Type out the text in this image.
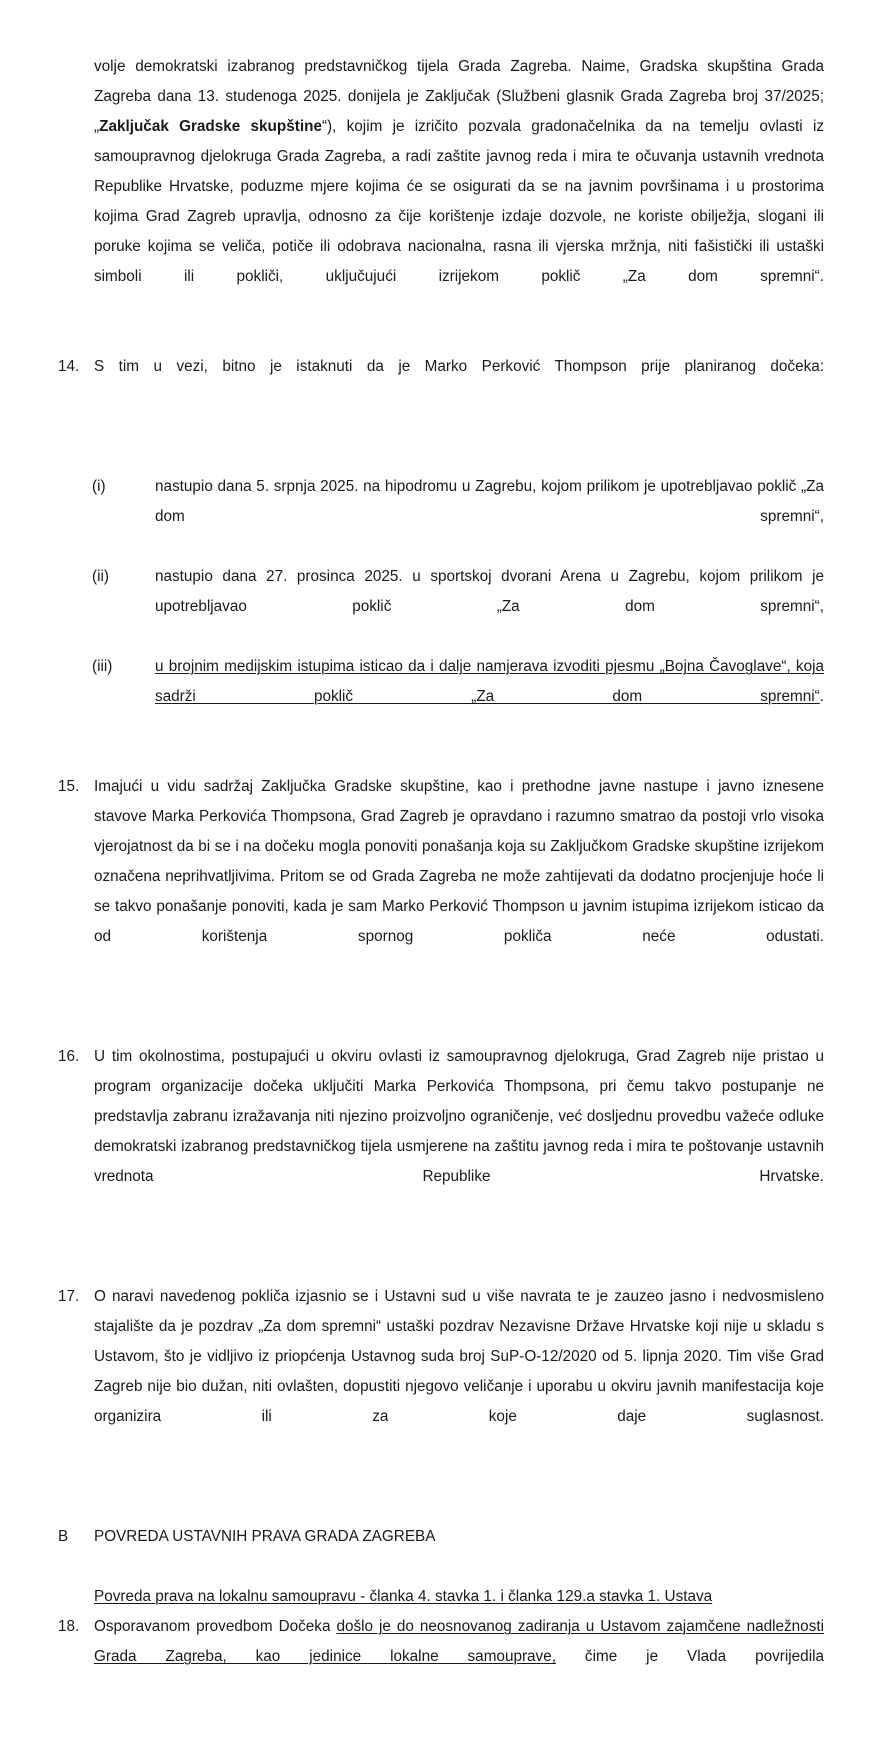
volje demokratski izabranog predstavničkog tijela Grada Zagreba. Naime, Gradska skupština Grada Zagreba dana 13. studenoga 2025. donijela je Zaključak (Službeni glasnik Grada Zagreba broj 37/2025; „Zaključak Gradske skupštine“), kojim je izričito pozvala gradonačelnika da na temelju ovlasti iz samoupravnog djelokruga Grada Zagreba, a radi zaštite javnog reda i mira te očuvanja ustavnih vrednota Republike Hrvatske, poduzme mjere kojima će se osigurati da se na javnim površinama i u prostorima kojima Grad Zagreb upravlja, odnosno za čije korištenje izdaje dozvole, ne koriste obilježja, slogani ili poruke kojima se veliča, potiče ili odobrava nacionalna, rasna ili vjerska mržnja, niti fašistički ili ustaški simboli ili pokliči, uključujući izrijekom poklič „Za dom spremni“.
14. S tim u vezi, bitno je istaknuti da je Marko Perković Thompson prije planiranog dočeka:
(i)	nastupio dana 5. srpnja 2025. na hipodromu u Zagrebu, kojom prilikom je upotrebljavao poklič „Za dom spremni“,
(ii)	nastupio dana 27. prosinca 2025. u sportskoj dvorani Arena u Zagrebu, kojom prilikom je upotrebljavao poklič „Za dom spremni“,
(iii)	u brojnim medijskim istupima isticao da i dalje namjerava izvoditi pjesmu „Bojna Čavoglave“, koja sadrži poklič „Za dom spremni“.
15. Imajući u vidu sadržaj Zaključka Gradske skupštine, kao i prethodne javne nastupe i javno iznesene stavove Marka Perkovića Thompsona, Grad Zagreb je opravdano i razumno smatrao da postoji vrlo visoka vjerojatnost da bi se i na dočeku mogla ponoviti ponašanja koja su Zaključkom Gradske skupštine izrijekom označena neprihvatljivima. Pritom se od Grada Zagreba ne može zahtijevati da dodatno procjenjuje hoće li se takvo ponašanje ponoviti, kada je sam Marko Perković Thompson u javnim istupima izrijekom isticao da od korištenja spornog pokliča neće odustati.
16. U tim okolnostima, postupajući u okviru ovlasti iz samoupravnog djelokruga, Grad Zagreb nije pristao u program organizacije dočeka uključiti Marka Perkovića Thompsona, pri čemu takvo postupanje ne predstavlja zabranu izražavanja niti njezino proizvoljno ograničenje, već dosljednu provedbu važeće odluke demokratski izabranog predstavničkog tijela usmjerene na zaštitu javnog reda i mira te poštovanje ustavnih vrednota Republike Hrvatske.
17. O naravi navedenog pokliča izjasnio se i Ustavni sud u više navrata te je zauzeo jasno i nedvosmisleno stajalište da je pozdrav „Za dom spremni“ ustaški pozdrav Nezavisne Države Hrvatske koji nije u skladu s Ustavom, što je vidljivo iz priopćenja Ustavnog suda broj SuP-O-12/2020 od 5. lipnja 2020. Tim više Grad Zagreb nije bio dužan, niti ovlašten, dopustiti njegovo veličanje i uporabu u okviru javnih manifestacija koje organizira ili za koje daje suglasnost.
B POVREDA USTAVNIH PRAVA GRADA ZAGREBA
Povreda prava na lokalnu samoupravu - članka 4. stavka 1. i članka 129.a stavka 1. Ustava
18. Osporavanom provedbom Dočeka došlo je do neosnovanog zadiranja u Ustavom zajamčene nadležnosti Grada Zagreba, kao jedinice lokalne samouprave, čime je Vlada povrijedila
